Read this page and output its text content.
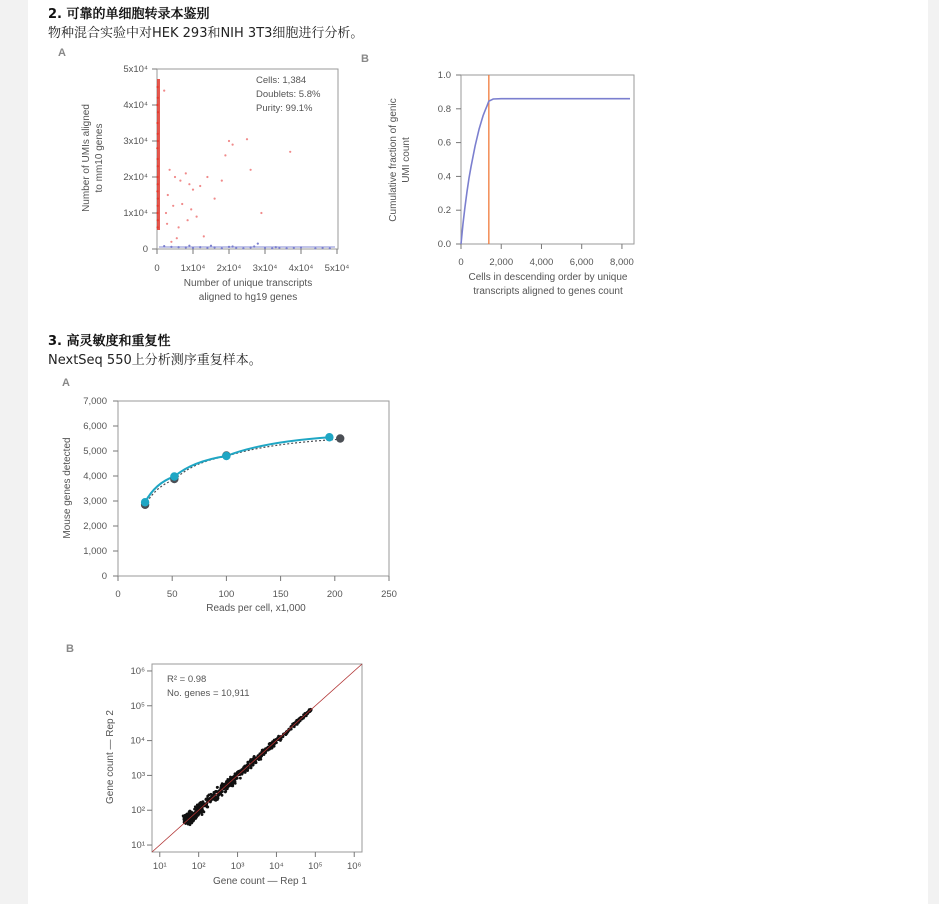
2. 可靠的单细胞转录本鉴别
物种混合实验中对HEK 293和NIH 3T3细胞进行分析。
3. 高灵敏度和重复性
NextSeq 550上分析测序重复样本。
A
0
1x10⁴
2x10⁴
3x10⁴
4x10⁴
5x10⁴
0 1x10⁴ 2x10⁴ 3x10⁴ 4x10⁴ 5x10⁴
Number of unique transcripts
aligned to hg19 genes
Number of UMIs aligned to mm10 genes
Cells: 1,384
Doublets: 5.8%
Purity: 99.1%
B
0.0
0.2
0.4
0.6
0.8
1.0
0	2,000 4,000 6,000 8,000
Cells in descending order by unique
transcripts aligned to genes count
Cumulative fraction of genic UMI count
A
0
1,000
2,000
3,000
4,000
5,000
6,000
7,000
0	50	100	150	200	250
Reads per cell, x1,000
Mouse genes detected
B
10¹
10²
10³
10⁴
10⁵
10⁶
10¹	10²	10³	10⁴	10⁵	10⁶
Gene count — Rep 1
Gene count — Rep 2
R² = 0.98
No. genes = 10,911
